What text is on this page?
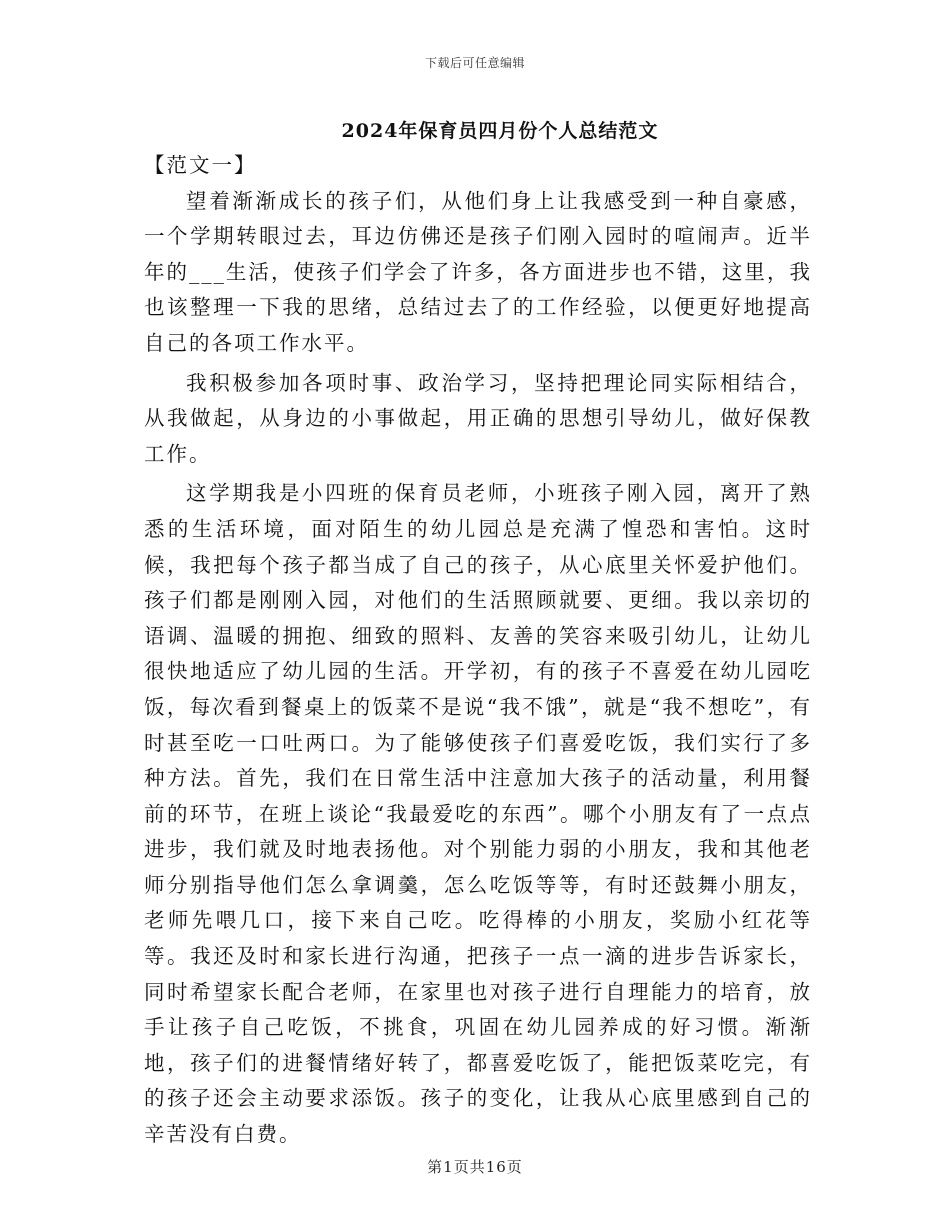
下载后可任意编辑
2024年保育员四月份个人总结范文

【范文一】

望着渐渐成长的孩子们，从他们身上让我感受到一种自豪感，一个学期转眼过去，耳边仿佛还是孩子们刚入园时的喧闹声。近半年的___生活，使孩子们学会了许多，各方面进步也不错，这里，我也该整理一下我的思绪，总结过去了的工作经验，以便更好地提高自己的各项工作水平。

我积极参加各项时事、政治学习，坚持把理论同实际相结合，从我做起，从身边的小事做起，用正确的思想引导幼儿，做好保教工作。

这学期我是小四班的保育员老师，小班孩子刚入园，离开了熟悉的生活环境，面对陌生的幼儿园总是充满了惶恐和害怕。这时候，我把每个孩子都当成了自己的孩子，从心底里关怀爱护他们。孩子们都是刚刚入园，对他们的生活照顾就要、更细。我以亲切的语调、温暖的拥抱、细致的照料、友善的笑容来吸引幼儿，让幼儿很快地适应了幼儿园的生活。开学初，有的孩子不喜爱在幼儿园吃饭，每次看到餐桌上的饭菜不是说“我不饿”，就是“我不想吃”，有时甚至吃一口吐两口。为了能够使孩子们喜爱吃饭，我们实行了多种方法。首先，我们在日常生活中注意加大孩子的活动量，利用餐前的环节，在班上谈论“我最爱吃的东西”。哪个小朋友有了一点点进步，我们就及时地表扬他。对个别能力弱的小朋友，我和其他老师分别指导他们怎么拿调羹，怎么吃饭等等，有时还鼓舞小朋友，老师先喂几口，接下来自己吃。吃得棒的小朋友，奖励小红花等等。我还及时和家长进行沟通，把孩子一点一滴的进步告诉家长，同时希望家长配合老师，在家里也对孩子进行自理能力的培育，放手让孩子自己吃饭，不挑食，巩固在幼儿园养成的好习惯。渐渐地，孩子们的进餐情绪好转了，都喜爱吃饭了，能把饭菜吃完，有的孩子还会主动要求添饭。孩子的变化，让我从心底里感到自己的辛苦没有白费。

第1页共16页
